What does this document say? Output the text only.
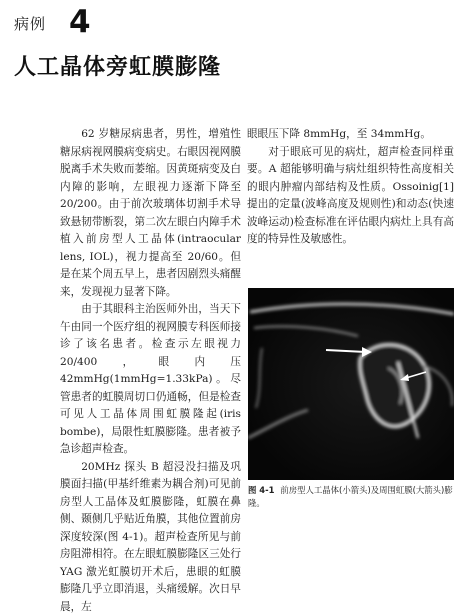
病例 4
人工晶体旁虹膜膨隆

62 岁糖尿病患者，男性，增殖性糖尿病视网膜病变病史。右眼因视网膜脱离手术失败而萎缩。因黄斑病变及白内障的影响，左眼视力逐渐下降至 20/200。由于前次玻璃体切割手术导致悬韧带断裂，第二次左眼白内障手术植入前房型人工晶体(intraocular lens, IOL)，视力提高至 20/60。但是在某个周五早上，患者因剧烈头痛醒来，发现视力显著下降。

由于其眼科主治医师外出，当天下午由同一个医疗组的视网膜专科医师接诊了该名患者。检查示左眼视力 20/400，眼内压 42mmHg(1mmHg=1.33kPa)。尽管患者的虹膜周切口仍通畅，但是检查可见人工晶体周围虹膜隆起(iris bombe)，局限性虹膜膨隆。患者被予急诊超声检查。

20MHz 探头 B 超浸没扫描及巩膜面扫描(甲基纤维素为耦合剂)可见前房型人工晶体及虹膜膨隆，虹膜在鼻侧、颞侧几乎贴近角膜，其他位置前房深度较深(图 4-1)。超声检查所见与前房阻滞相符。在左眼虹膜膨隆区三处行 YAG 激光虹膜切开术后，患眼的虹膜膨隆几乎立即消退，头痛缓解。次日早晨，左

眼眼压下降 8mmHg，至 34mmHg。

对于眼底可见的病灶，超声检查同样重要。A 超能够明确与病灶组织特性高度相关的眼内肿瘤内部结构及性质。Ossoinig[1]提出的定量(波峰高度及规则性)和动态(快速波峰运动)检查标准在评估眼内病灶上具有高度的特异性及敏感性。

图 4-1 前房型人工晶体(小箭头)及周围虹膜(大箭头)膨隆。
